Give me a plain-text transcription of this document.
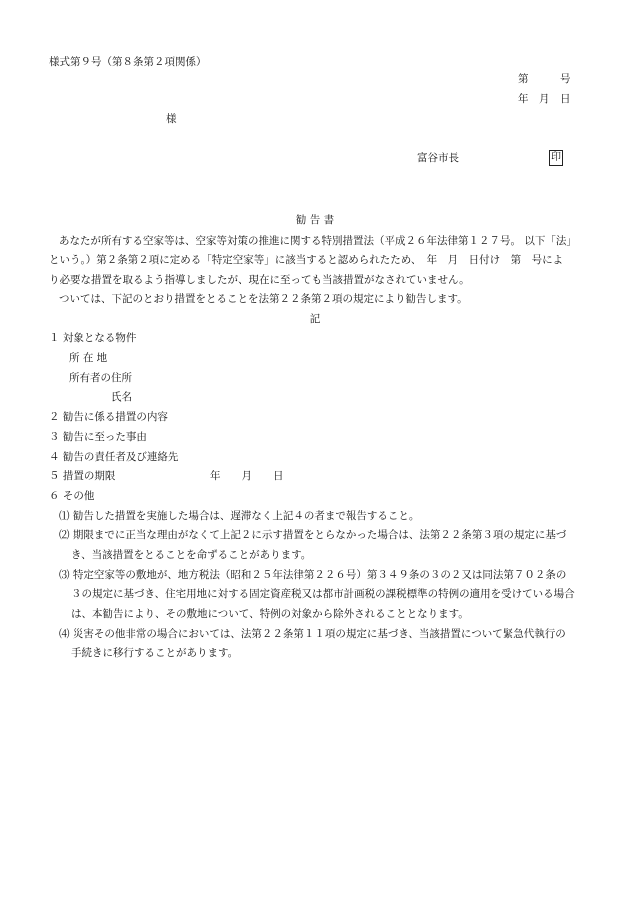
様式第９号（第８条第２項関係）
第　　　号
年　月　日
様
富谷市長	印
勧 告 書
あなたが所有する空家等は、空家等対策の推進に関する特別措置法（平成２６年法律第１２７号。 以下「法」
という。）第２条第２項に定める「特定空家等」に該当すると認められたため、　年　月　日付け　第　号によ
り必要な措置を取るよう指導しましたが、現在に至っても当該措置がなされていません。
ついては、下記のとおり措置をとることを法第２２条第２項の規定により勧告します。
記
１ 対象となる物件
所 在 地
所有者の住所
氏名
２ 勧告に係る措置の内容
３ 勧告に至った事由
４ 勧告の責任者及び連絡先
５ 措置の期限	年　　月　　日
６ その他
⑴ 勧告した措置を実施した場合は、遅滞なく上記４の者まで報告すること。
⑵ 期限までに正当な理由がなくて上記２に示す措置をとらなかった場合は、法第２２条第３項の規定に基づ
き、当該措置をとることを命ずることがあります。
⑶ 特定空家等の敷地が、地方税法（昭和２５年法律第２２６号）第３４９条の３の２又は同法第７０２条の
３の規定に基づき、住宅用地に対する固定資産税又は都市計画税の課税標準の特例の適用を受けている場合
は、本勧告により、その敷地について、特例の対象から除外されることとなります。
⑷ 災害その他非常の場合においては、法第２２条第１１項の規定に基づき、当該措置について緊急代執行の
手続きに移行することがあります。
